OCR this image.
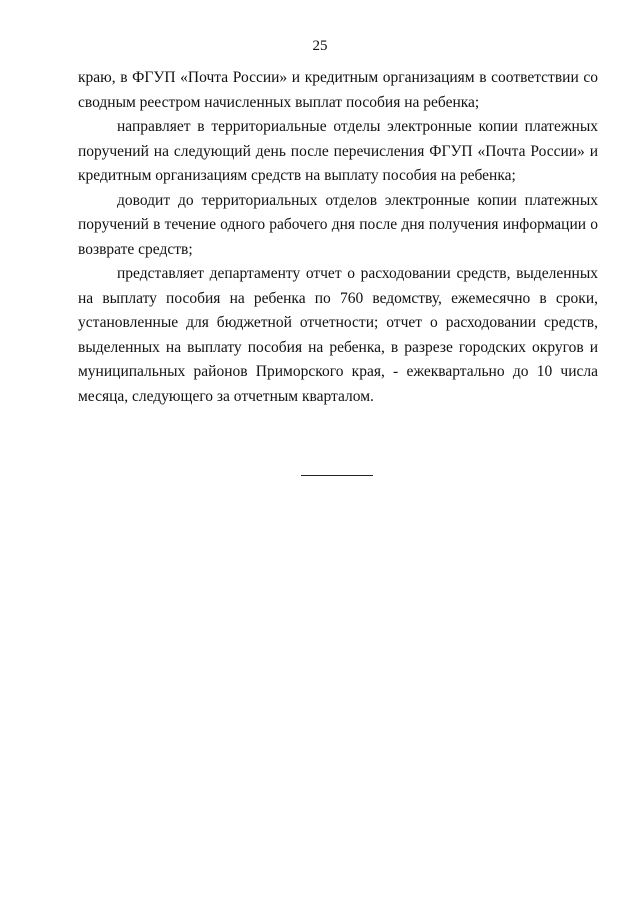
25

краю, в ФГУП «Почта России» и кредитным организациям в соответствии со сводным реестром начисленных выплат пособия на ребенка;

направляет в территориальные отделы электронные копии платежных поручений на следующий день после перечисления ФГУП «Почта России» и кредитным организациям средств на выплату пособия на ребенка;

доводит до территориальных отделов электронные копии платежных поручений в течение одного рабочего дня после дня получения информации о возврате средств;

представляет департаменту отчет о расходовании средств, выделенных на выплату пособия на ребенка по 760 ведомству, ежемесячно в сроки, установленные для бюджетной отчетности; отчет о расходовании средств, выделенных на выплату пособия на ребенка, в разрезе городских округов и муниципальных районов Приморского края, - ежеквартально до 10 числа месяца, следующего за отчетным кварталом.
